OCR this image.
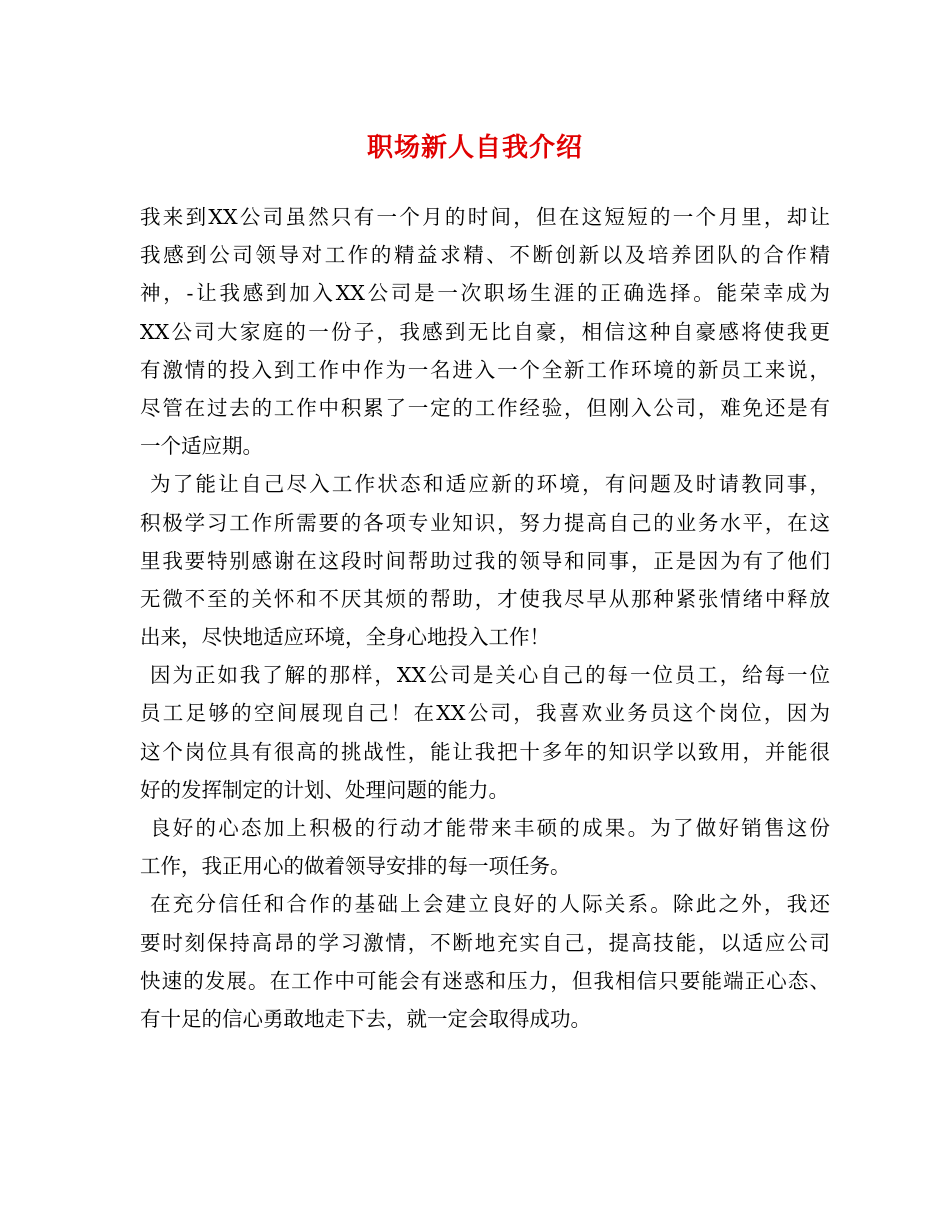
职场新人自我介绍
我来到XX公司虽然只有一个月的时间，但在这短短的一个月里，却让
我感到公司领导对工作的精益求精、不断创新以及培养团队的合作精
神，-让我感到加入XX公司是一次职场生涯的正确选择。能荣幸成为
XX公司大家庭的一份子，我感到无比自豪，相信这种自豪感将使我更
有激情的投入到工作中作为一名进入一个全新工作环境的新员工来说，
尽管在过去的工作中积累了一定的工作经验，但刚入公司，难免还是有
一个适应期。
为了能让自己尽入工作状态和适应新的环境，有问题及时请教同事，
积极学习工作所需要的各项专业知识，努力提高自己的业务水平，在这
里我要特别感谢在这段时间帮助过我的领导和同事，正是因为有了他们
无微不至的关怀和不厌其烦的帮助，才使我尽早从那种紧张情绪中释放
出来，尽快地适应环境，全身心地投入工作！
因为正如我了解的那样，XX公司是关心自己的每一位员工，给每一位
员工足够的空间展现自己！在XX公司，我喜欢业务员这个岗位，因为
这个岗位具有很高的挑战性，能让我把十多年的知识学以致用，并能很
好的发挥制定的计划、处理问题的能力。
良好的心态加上积极的行动才能带来丰硕的成果。为了做好销售这份
工作，我正用心的做着领导安排的每一项任务。
在充分信任和合作的基础上会建立良好的人际关系。除此之外，我还
要时刻保持高昂的学习激情，不断地充实自己，提高技能，以适应公司
快速的发展。在工作中可能会有迷惑和压力，但我相信只要能端正心态、
有十足的信心勇敢地走下去，就一定会取得成功。
